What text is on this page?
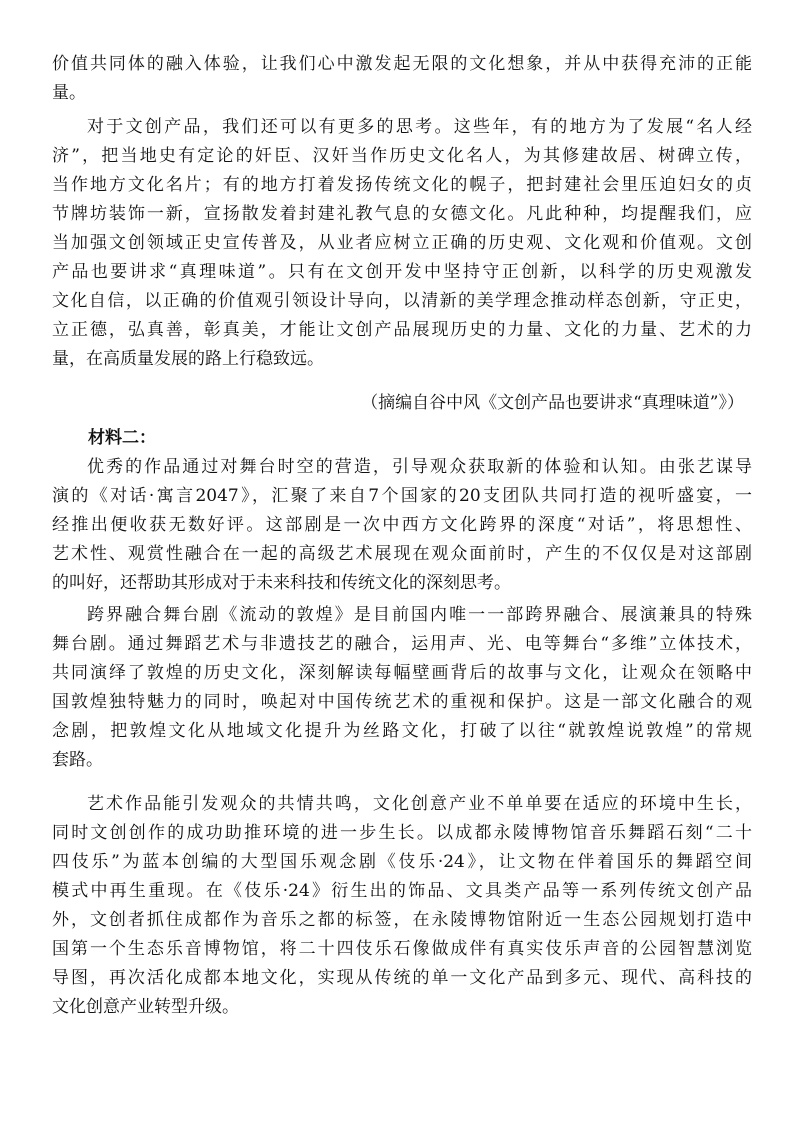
价值共同体的融入体验，让我们心中激发起无限的文化想象，并从中获得充沛的正能
量。
对于文创产品，我们还可以有更多的思考。这些年，有的地方为了发展“名人经
济”，把当地史有定论的奸臣、汉奸当作历史文化名人，为其修建故居、树碑立传，
当作地方文化名片；有的地方打着发扬传统文化的幌子，把封建社会里压迫妇女的贞
节牌坊装饰一新，宣扬散发着封建礼教气息的女德文化。凡此种种，均提醒我们，应
当加强文创领域正史宣传普及，从业者应树立正确的历史观、文化观和价值观。文创
产品也要讲求“真理味道”。只有在文创开发中坚持守正创新，以科学的历史观激发
文化自信，以正确的价值观引领设计导向，以清新的美学理念推动样态创新，守正史，
立正德，弘真善，彰真美，才能让文创产品展现历史的力量、文化的力量、艺术的力
量，在高质量发展的路上行稳致远。
（摘编自谷中风《文创产品也要讲求“真理味道”》）
材料二：
优秀的作品通过对舞台时空的营造，引导观众获取新的体验和认知。由张艺谋导
演的《对话·寓言2047》，汇聚了来自7个国家的20支团队共同打造的视听盛宴，一
经推出便收获无数好评。这部剧是一次中西方文化跨界的深度“对话”，将思想性、
艺术性、观赏性融合在一起的高级艺术展现在观众面前时，产生的不仅仅是对这部剧
的叫好，还帮助其形成对于未来科技和传统文化的深刻思考。
跨界融合舞台剧《流动的敦煌》是目前国内唯一一部跨界融合、展演兼具的特殊
舞台剧。通过舞蹈艺术与非遗技艺的融合，运用声、光、电等舞台“多维”立体技术，
共同演绎了敦煌的历史文化，深刻解读每幅壁画背后的故事与文化，让观众在领略中
国敦煌独特魅力的同时，唤起对中国传统艺术的重视和保护。这是一部文化融合的观
念剧，把敦煌文化从地域文化提升为丝路文化，打破了以往“就敦煌说敦煌”的常规
套路。
艺术作品能引发观众的共情共鸣，文化创意产业不单单要在适应的环境中生长，
同时文创创作的成功助推环境的进一步生长。以成都永陵博物馆音乐舞蹈石刻“二十
四伎乐”为蓝本创编的大型国乐观念剧《伎乐·24》，让文物在伴着国乐的舞蹈空间
模式中再生重现。在《伎乐·24》衍生出的饰品、文具类产品等一系列传统文创产品
外，文创者抓住成都作为音乐之都的标签，在永陵博物馆附近一生态公园规划打造中
国第一个生态乐音博物馆，将二十四伎乐石像做成伴有真实伎乐声音的公园智慧浏览
导图，再次活化成都本地文化，实现从传统的单一文化产品到多元、现代、高科技的
文化创意产业转型升级。
